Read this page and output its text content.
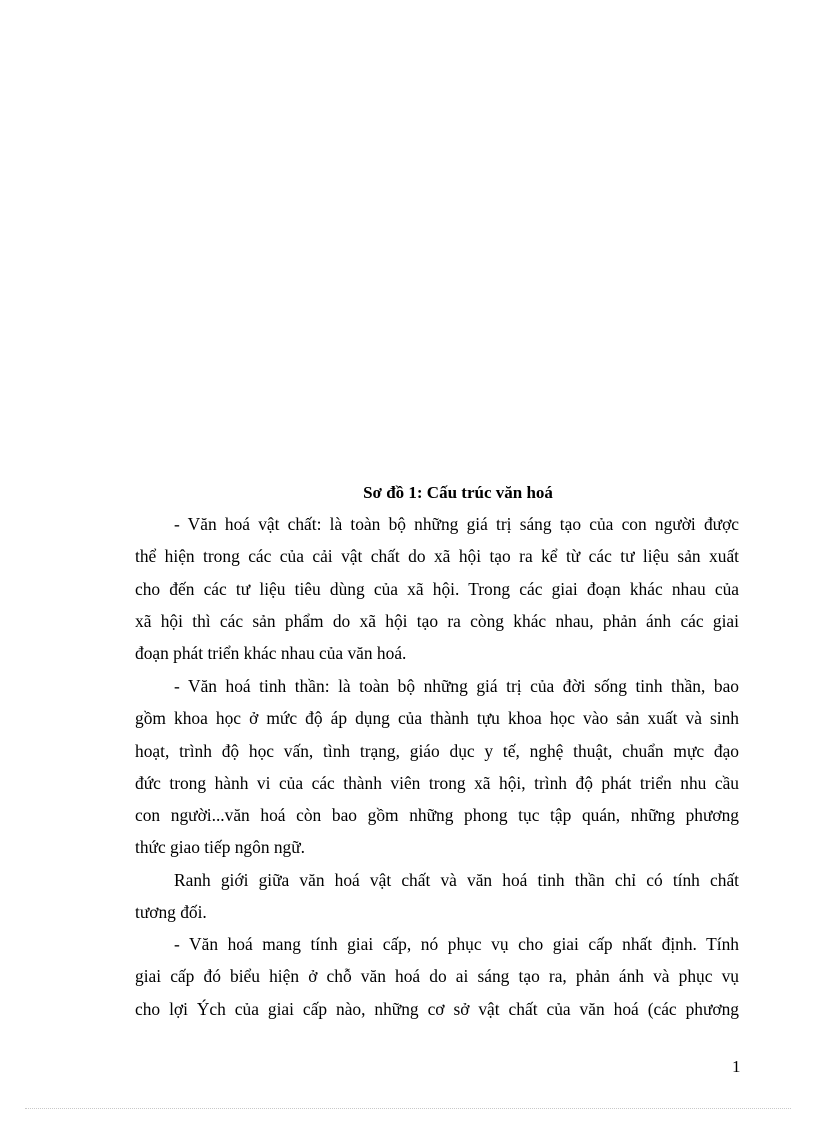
Sơ đồ 1: Cấu trúc văn hoá

- Văn hoá vật chất: là toàn bộ những giá trị sáng tạo của con người được
thể hiện trong các của cải vật chất do xã hội tạo ra kể từ các tư liệu sản xuất
cho đến các tư liệu tiêu dùng của xã hội. Trong các giai đoạn khác nhau của
xã hội thì các sản phẩm do xã hội tạo ra còng khác nhau, phản ánh các giai
đoạn phát triển khác nhau của văn hoá.
- Văn hoá tinh thần: là toàn bộ những giá trị của đời sống tinh thần, bao
gồm khoa học ở mức độ áp dụng của thành tựu khoa học vào sản xuất và sinh
hoạt, trình độ học vấn, tình trạng, giáo dục y tế, nghệ thuật, chuẩn mực đạo
đức trong hành vi của các thành viên trong xã hội, trình độ phát triển nhu cầu
con người...văn hoá còn bao gồm những phong tục tập quán, những phương
thức giao tiếp ngôn ngữ.
Ranh giới giữa văn hoá vật chất và văn hoá tinh thần chỉ có tính chất
tương đối.
- Văn hoá mang tính giai cấp, nó phục vụ cho giai cấp nhất định. Tính
giai cấp đó biểu hiện ở chỗ văn hoá do ai sáng tạo ra, phản ánh và phục vụ
cho lợi Ých của giai cấp nào, những cơ sở vật chất của văn hoá (các phương

1
